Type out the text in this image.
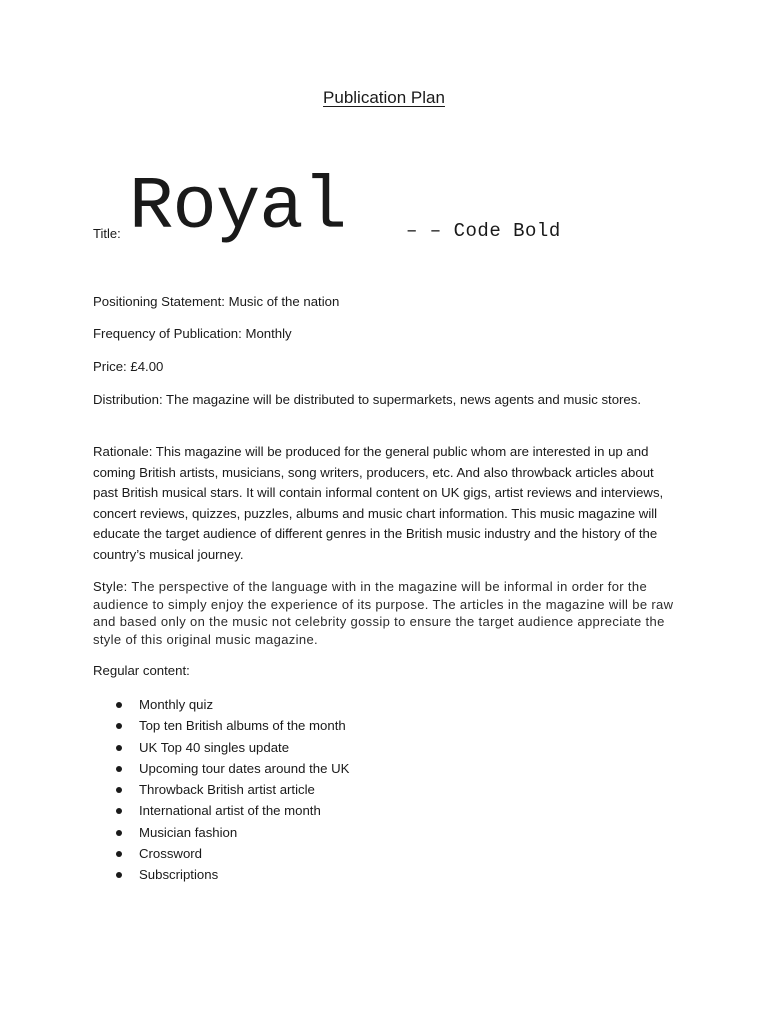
Publication Plan
Title: Royal	– – Code Bold
Positioning Statement: Music of the nation
Frequency of Publication: Monthly
Price: £4.00
Distribution: The magazine will be distributed to supermarkets, news agents and music stores.
Rationale: This magazine will be produced for the general public whom are interested in up and coming British artists, musicians, song writers, producers, etc. And also throwback articles about past British musical stars. It will contain informal content on UK gigs, artist reviews and interviews, concert reviews, quizzes, puzzles, albums and music chart information. This music magazine will educate the target audience of different genres in the British music industry and the history of the country’s musical journey.
Style: The perspective of the language with in the magazine will be informal in order for the audience to simply enjoy the experience of its purpose. The articles in the magazine will be raw and based only on the music not celebrity gossip to ensure the target audience appreciate the style of this original music magazine.
Regular content:
Monthly quiz
Top ten British albums of the month
UK Top 40 singles update
Upcoming tour dates around the UK
Throwback British artist article
International artist of the month
Musician fashion
Crossword
Subscriptions
